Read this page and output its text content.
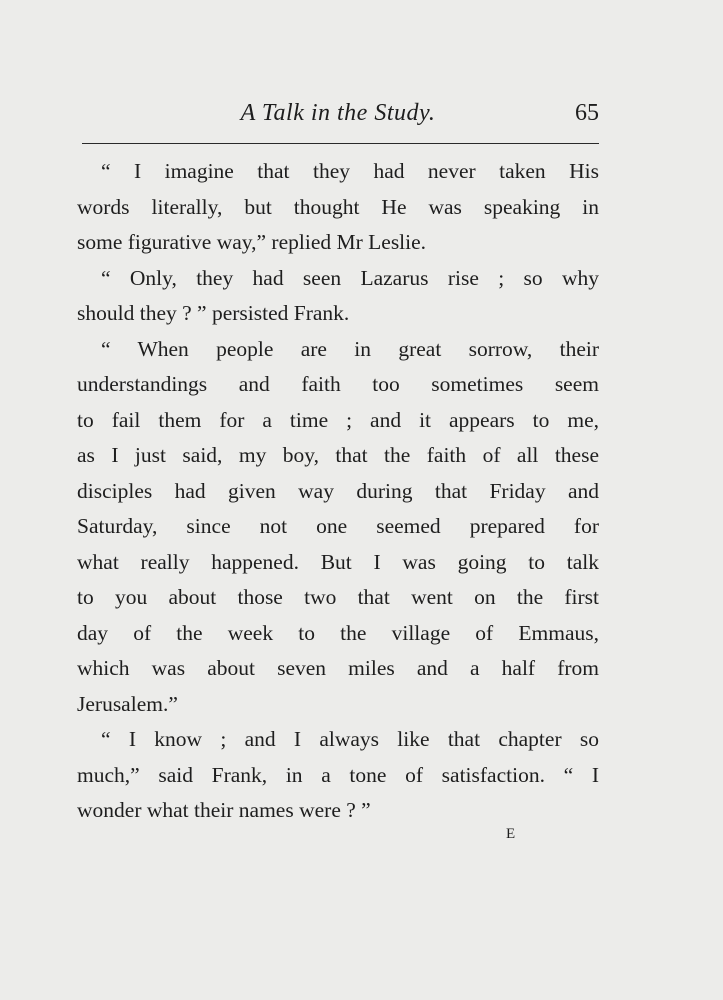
A Talk in the Study.	65
“ I imagine that they had never taken His
words literally, but thought He was speaking in
some figurative way,” replied Mr Leslie.
“ Only, they had seen Lazarus rise ; so why
should they ? ” persisted Frank.
“ When people are in great sorrow, their
understandings and faith too sometimes seem
to fail them for a time ; and it appears to me,
as I just said, my boy, that the faith of all these
disciples had given way during that Friday and
Saturday, since not one seemed prepared for
what really happened. But I was going to talk
to you about those two that went on the first
day of the week to the village of Emmaus,
which was about seven miles and a half from
Jerusalem.”
“ I know ; and I always like that chapter so
much,” said Frank, in a tone of satisfaction. “ I
wonder what their names were ? ”
E
